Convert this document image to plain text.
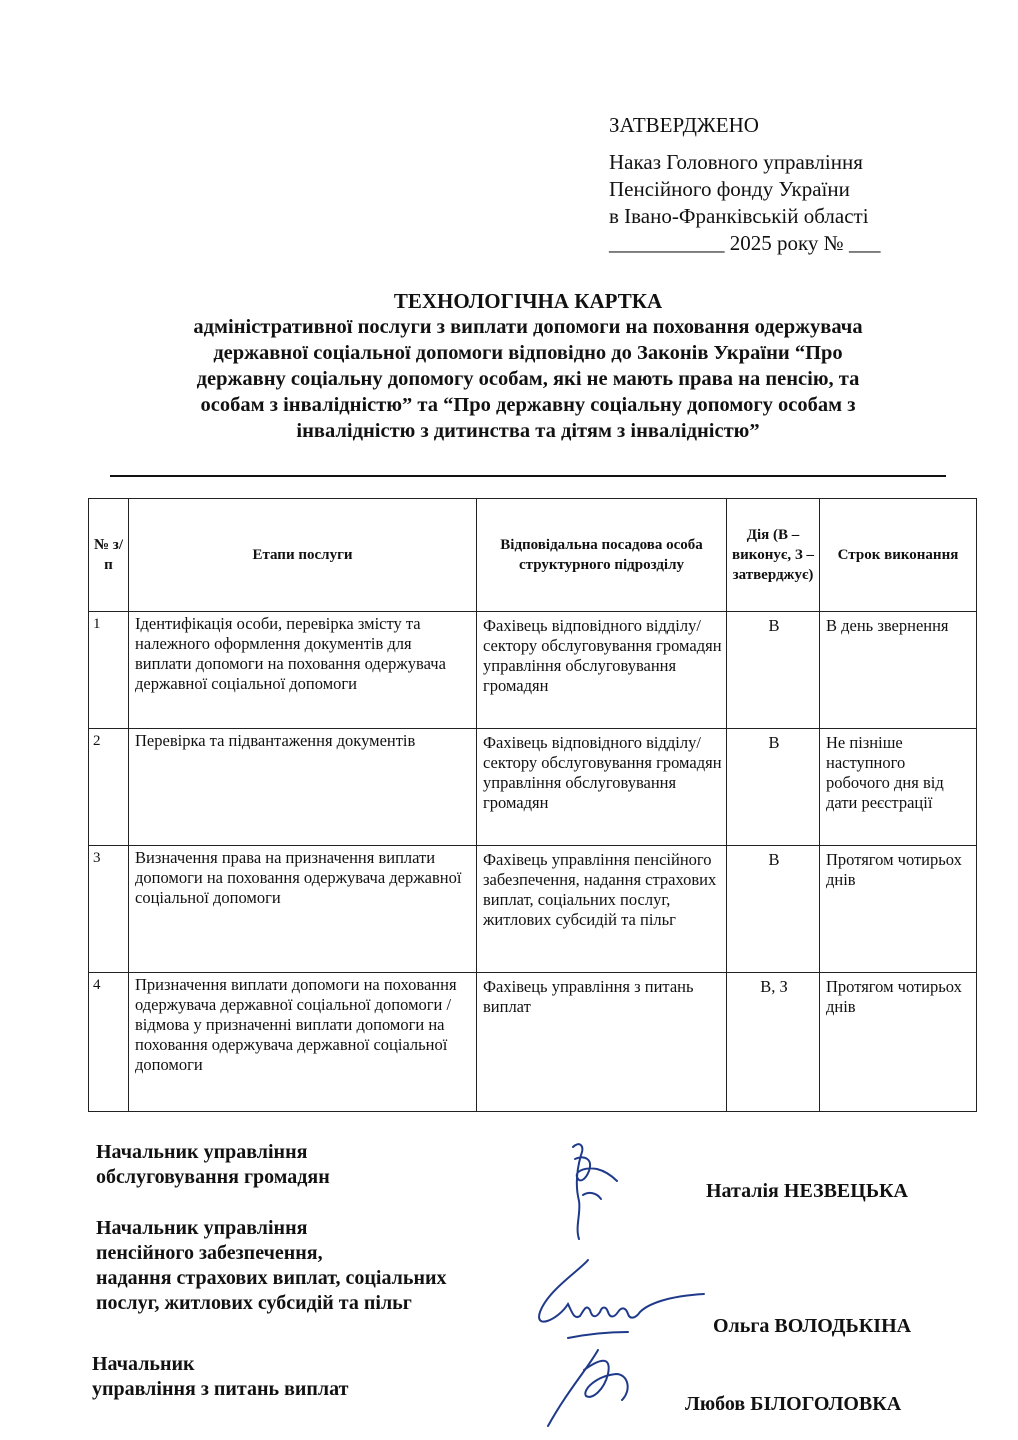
ЗАТВЕРДЖЕНО
Наказ Головного управління
Пенсійного фонду України
в Івано-Франківській області
___________ 2025 року № ___
ТЕХНОЛОГІЧНА КАРТКА
адміністративної послуги з виплати допомоги на поховання одержувача
державної соціальної допомоги відповідно до Законів України “Про
державну соціальну допомогу особам, які не мають права на пенсію, та
особам з інвалідністю” та “Про державну соціальну допомогу особам з
інвалідністю з дитинства та дітям з інвалідністю”
№ з/п	Етапи послуги	Відповідальна посадова особа структурного підрозділу	Дія (В – виконує, З – затверджує)	Строк виконання
1	Ідентифікація особи, перевірка змісту та належного оформлення документів для виплати допомоги на поховання одержувача державної соціальної допомоги	Фахівець відповідного відділу/сектору обслуговування громадян управління обслуговування громадян	В	В день звернення
2	Перевірка та підвантаження документів	Фахівець відповідного відділу/сектору обслуговування громадян управління обслуговування громадян	В	Не пізніше наступного робочого дня від дати реєстрації
3	Визначення права на призначення виплати допомоги на поховання одержувача державної соціальної допомоги	Фахівець управління пенсійного забезпечення, надання страхових виплат, соціальних послуг, житлових субсидій та пільг	В	Протягом чотирьох днів
4	Призначення виплати допомоги на поховання одержувача державної соціальної допомоги / відмова у призначенні виплати допомоги на поховання одержувача державної соціальної допомоги	Фахівець управління з питань виплат	В, З	Протягом чотирьох днів
Начальник управління
обслуговування громадян
Наталія НЕЗВЕЦЬКА
Начальник управління
пенсійного забезпечення,
надання страхових виплат, соціальних
послуг, житлових субсидій та пільг
Ольга ВОЛОДЬКІНА
Начальник
управління з питань виплат
Любов БІЛОГОЛОВКА
